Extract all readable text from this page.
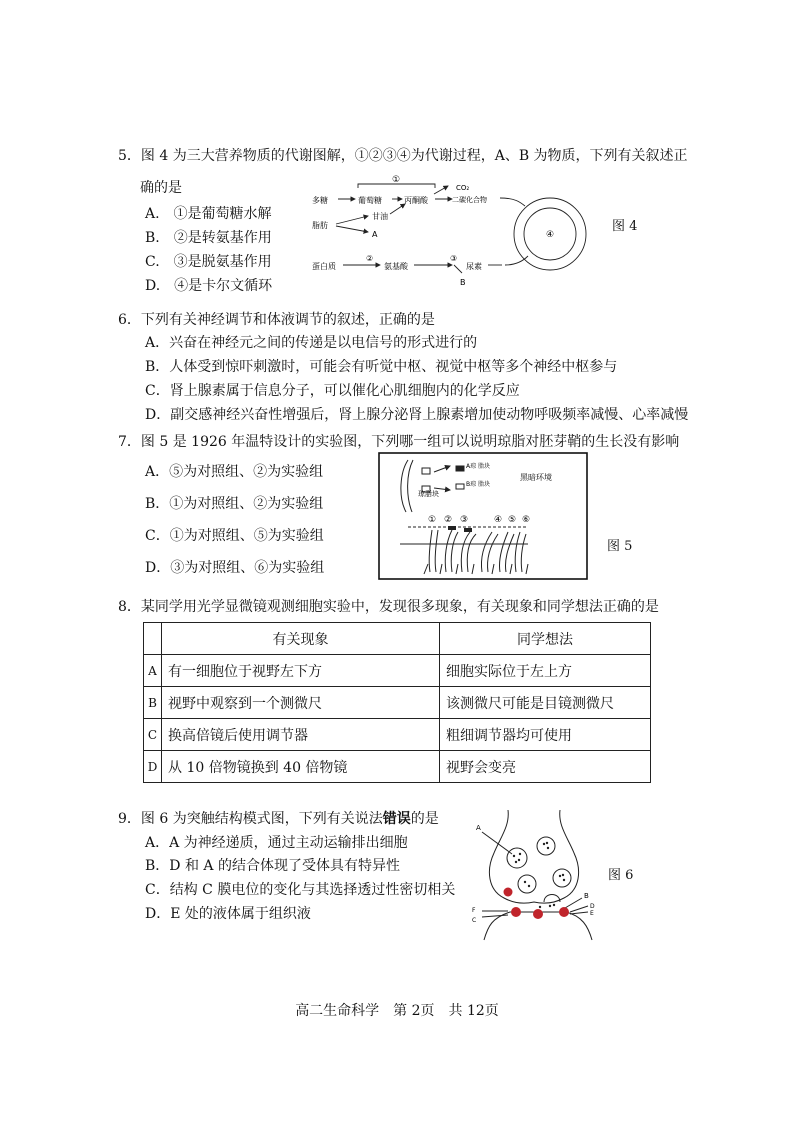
5．图 4 为三大营养物质的代谢图解，①②③④为代谢过程，A、B 为物质，下列有关叙述正
确的是
A.　①是葡萄糖水解
B.　②是转氨基作用
C.　③是脱氨基作用
D.　④是卡尔文循环
多糖	葡萄糖	丙酮酸
①
CO₂
二碳化合物
脂肪
甘油
A	④
蛋白质
②
氨基酸
③
B
尿素
图 4
6．下列有关神经调节和体液调节的叙述，正确的是
A．兴奋在神经元之间的传递是以电信号的形式进行的
B．人体受到惊吓刺激时，可能会有听觉中枢、视觉中枢等多个神经中枢参与
C．肾上腺素属于信息分子，可以催化心肌细胞内的化学反应
D．副交感神经兴奋性增强后，肾上腺分泌肾上腺素增加使动物呼吸频率减慢、心率减慢
7．图 5 是 1926 年温特设计的实验图，下列哪一组可以说明琼脂对胚芽鞘的生长没有影响
A．⑤为对照组、②为实验组
B．①为对照组、②为实验组
C．①为对照组、⑤为实验组
D．③为对照组、⑥为实验组
琼脂块
A琼 脂块
B琼 脂块
黑暗环境
① ② ③	④ ⑤ ⑥
图 5
8．某同学用光学显微镜观测细胞实验中，发现很多现象，有关现象和同学想法正确的是
	有关现象	同学想法
A	有一细胞位于视野左下方	细胞实际位于左上方
B	视野中观察到一个测微尺	该测微尺可能是目镜测微尺
C	换高倍镜后使用调节器	粗细调节器均可使用
D	从 10 倍物镜换到 40 倍物镜	视野会变亮
9．图 6 为突触结构模式图，下列有关说法错误的是
A．A 为神经递质，通过主动运输排出细胞
B．D 和 A 的结合体现了受体具有特异性
C．结构 C 膜电位的变化与其选择透过性密切相关
D．E 处的液体属于组织液
A
B
C
D
E
F
图 6
高二生命科学　第 2页　共 12页
